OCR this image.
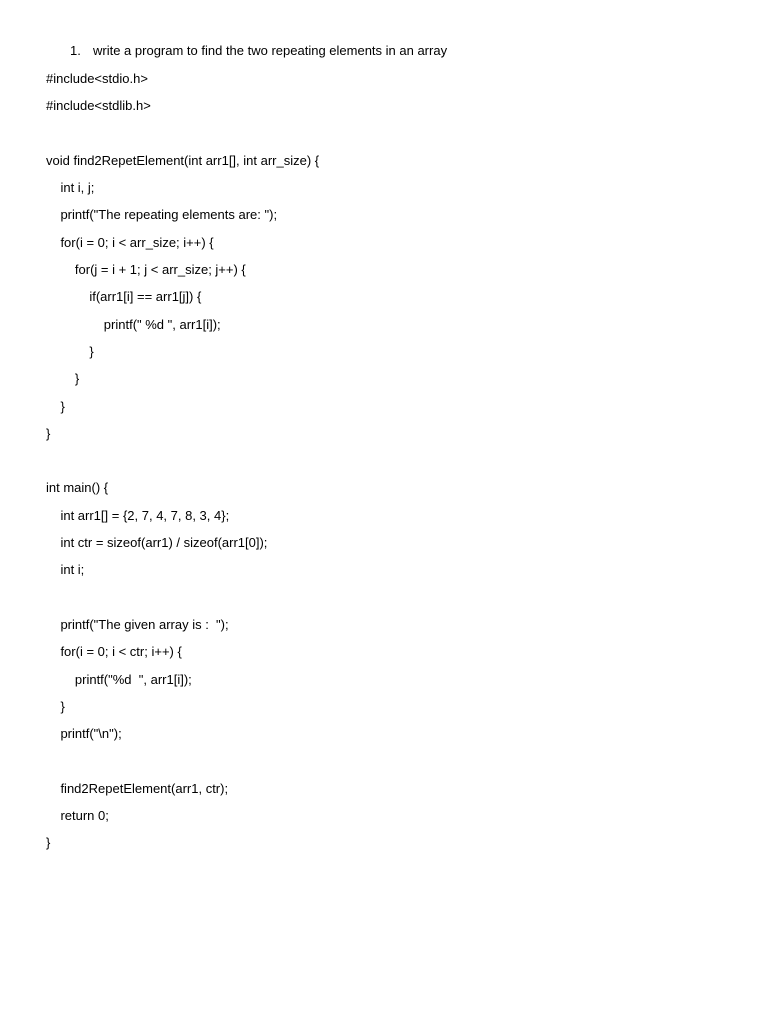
1. write a program to find the two repeating elements in an array
#include<stdio.h>
#include<stdlib.h>
void find2RepetElement(int arr1[], int arr_size) {
int i, j;
printf("The repeating elements are: ");
for(i = 0; i < arr_size; i++) {
for(j = i + 1; j < arr_size; j++) {
if(arr1[i] == arr1[j]) {
printf(" %d ", arr1[i]);
}
}
}
}
int main() {
int arr1[] = {2, 7, 4, 7, 8, 3, 4};
int ctr = sizeof(arr1) / sizeof(arr1[0]);
int i;
printf("The given array is :  ");
for(i = 0; i < ctr; i++) {
printf("%d  ", arr1[i]);
}
printf("\n");
find2RepetElement(arr1, ctr);
return 0;
}
